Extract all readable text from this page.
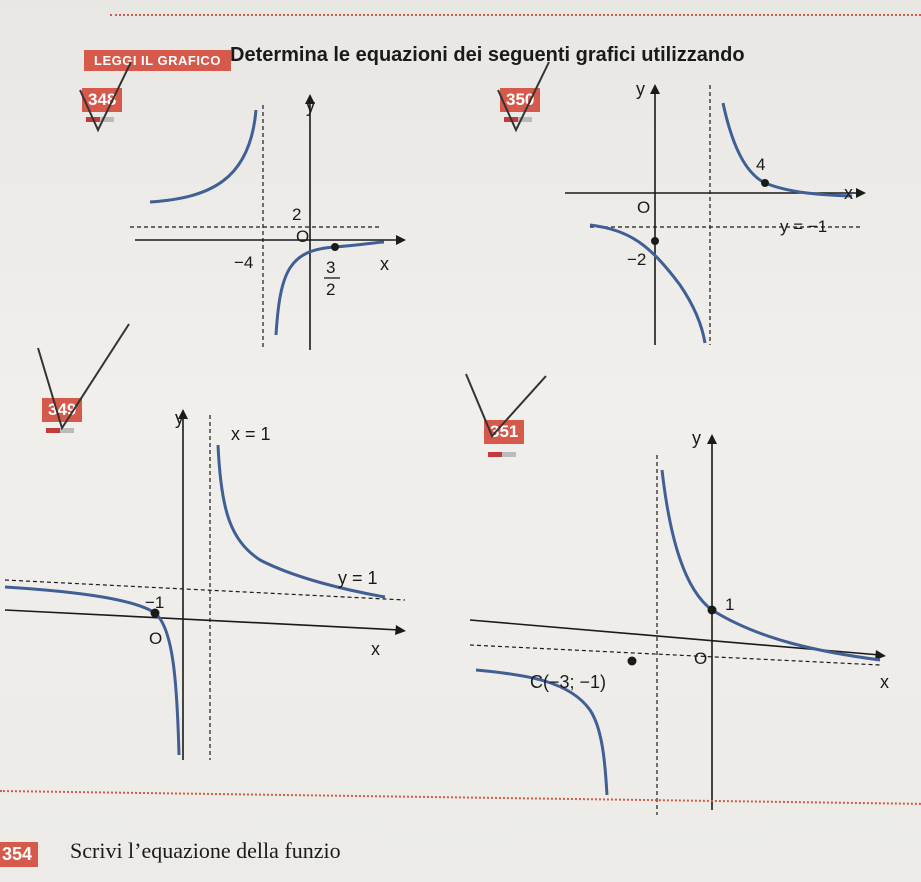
LEGGI IL GRAFICO Determina le equazioni dei seguenti grafici utilizzando
348	y
x
2
O
−4	3
2
350
y
x
O
4
−2
y = −1
349	y
x
O
x = 1
y = 1
−1
351	y
x
O
1
C(−3; −1)
354 Scrivi l’equazione della funzio
